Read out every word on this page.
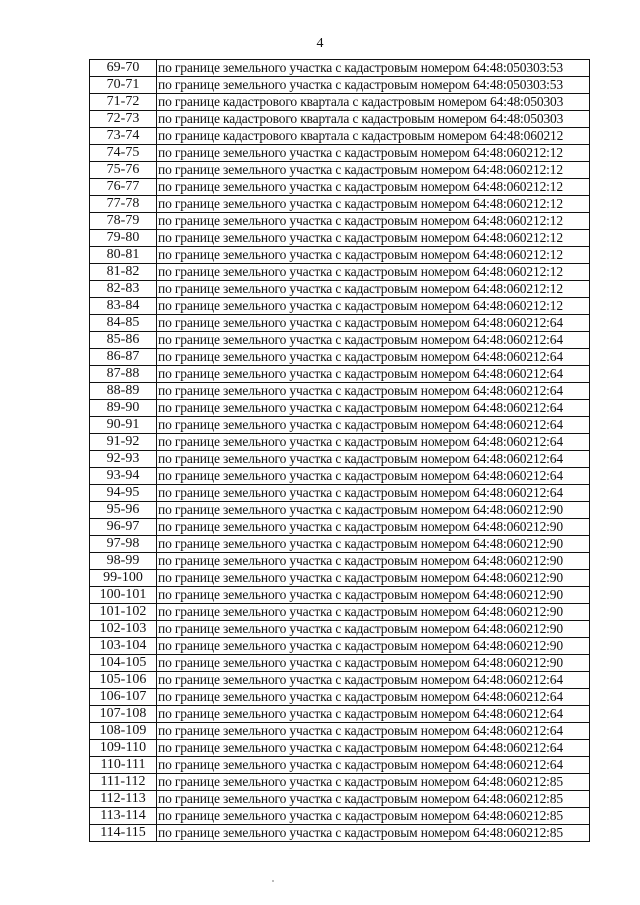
4
69-70	по границе земельного участка с кадастровым номером 64:48:050303:53
70-71	по границе земельного участка с кадастровым номером 64:48:050303:53
71-72	по границе кадастрового квартала с кадастровым номером 64:48:050303
72-73	по границе кадастрового квартала с кадастровым номером 64:48:050303
73-74	по границе кадастрового квартала с кадастровым номером 64:48:060212
74-75	по границе земельного участка с кадастровым номером 64:48:060212:12
75-76	по границе земельного участка с кадастровым номером 64:48:060212:12
76-77	по границе земельного участка с кадастровым номером 64:48:060212:12
77-78	по границе земельного участка с кадастровым номером 64:48:060212:12
78-79	по границе земельного участка с кадастровым номером 64:48:060212:12
79-80	по границе земельного участка с кадастровым номером 64:48:060212:12
80-81	по границе земельного участка с кадастровым номером 64:48:060212:12
81-82	по границе земельного участка с кадастровым номером 64:48:060212:12
82-83	по границе земельного участка с кадастровым номером 64:48:060212:12
83-84	по границе земельного участка с кадастровым номером 64:48:060212:12
84-85	по границе земельного участка с кадастровым номером 64:48:060212:64
85-86	по границе земельного участка с кадастровым номером 64:48:060212:64
86-87	по границе земельного участка с кадастровым номером 64:48:060212:64
87-88	по границе земельного участка с кадастровым номером 64:48:060212:64
88-89	по границе земельного участка с кадастровым номером 64:48:060212:64
89-90	по границе земельного участка с кадастровым номером 64:48:060212:64
90-91	по границе земельного участка с кадастровым номером 64:48:060212:64
91-92	по границе земельного участка с кадастровым номером 64:48:060212:64
92-93	по границе земельного участка с кадастровым номером 64:48:060212:64
93-94	по границе земельного участка с кадастровым номером 64:48:060212:64
94-95	по границе земельного участка с кадастровым номером 64:48:060212:64
95-96	по границе земельного участка с кадастровым номером 64:48:060212:90
96-97	по границе земельного участка с кадастровым номером 64:48:060212:90
97-98	по границе земельного участка с кадастровым номером 64:48:060212:90
98-99	по границе земельного участка с кадастровым номером 64:48:060212:90
99-100	по границе земельного участка с кадастровым номером 64:48:060212:90
100-101	по границе земельного участка с кадастровым номером 64:48:060212:90
101-102	по границе земельного участка с кадастровым номером 64:48:060212:90
102-103	по границе земельного участка с кадастровым номером 64:48:060212:90
103-104	по границе земельного участка с кадастровым номером 64:48:060212:90
104-105	по границе земельного участка с кадастровым номером 64:48:060212:90
105-106	по границе земельного участка с кадастровым номером 64:48:060212:64
106-107	по границе земельного участка с кадастровым номером 64:48:060212:64
107-108	по границе земельного участка с кадастровым номером 64:48:060212:64
108-109	по границе земельного участка с кадастровым номером 64:48:060212:64
109-110	по границе земельного участка с кадастровым номером 64:48:060212:64
110-111	по границе земельного участка с кадастровым номером 64:48:060212:64
111-112	по границе земельного участка с кадастровым номером 64:48:060212:85
112-113	по границе земельного участка с кадастровым номером 64:48:060212:85
113-114	по границе земельного участка с кадастровым номером 64:48:060212:85
114-115	по границе земельного участка с кадастровым номером 64:48:060212:85
